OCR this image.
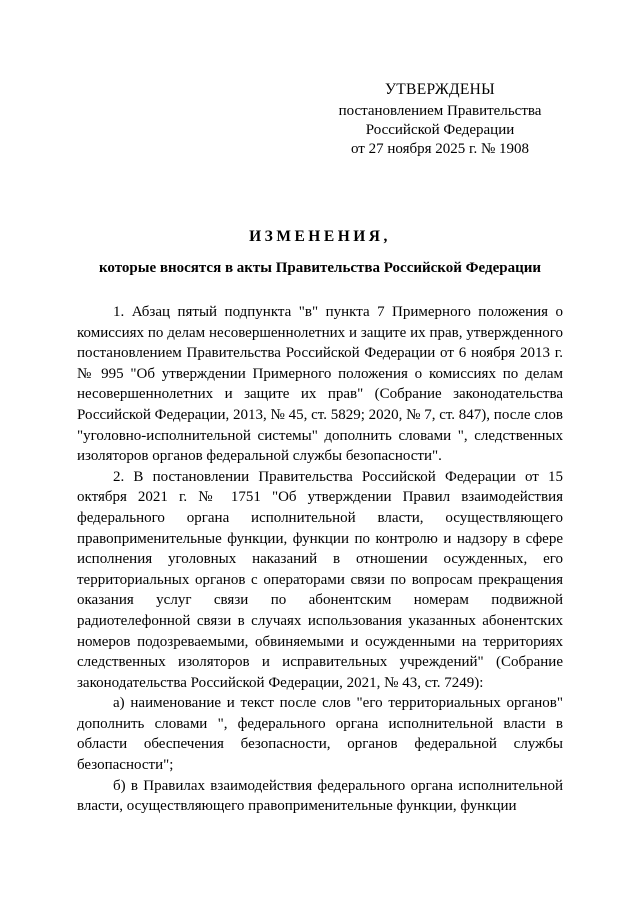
УТВЕРЖДЕНЫ
постановлением Правительства
Российской Федерации
от 27 ноября 2025 г. № 1908
ИЗМЕНЕНИЯ,
которые вносятся в акты Правительства Российской Федерации

1. Абзац пятый подпункта "в" пункта 7 Примерного положения о комиссиях по делам несовершеннолетних и защите их прав, утвержденного постановлением Правительства Российской Федерации от 6 ноября 2013 г. № 995 "Об утверждении Примерного положения о комиссиях по делам несовершеннолетних и защите их прав" (Собрание законодательства Российской Федерации, 2013, № 45, ст. 5829; 2020, № 7, ст. 847), после слов "уголовно-исполнительной системы" дополнить словами ", следственных изоляторов органов федеральной службы безопасности".

2. В постановлении Правительства Российской Федерации от 15 октября 2021 г. № 1751 "Об утверждении Правил взаимодействия федерального органа исполнительной власти, осуществляющего правоприменительные функции, функции по контролю и надзору в сфере исполнения уголовных наказаний в отношении осужденных, его территориальных органов с операторами связи по вопросам прекращения оказания услуг связи по абонентским номерам подвижной радиотелефонной связи в случаях использования указанных абонентских номеров подозреваемыми, обвиняемыми и осужденными на территориях следственных изоляторов и исправительных учреждений" (Собрание законодательства Российской Федерации, 2021, № 43, ст. 7249):

а) наименование и текст после слов "его территориальных органов" дополнить словами ", федерального органа исполнительной власти в области обеспечения безопасности, органов федеральной службы безопасности";

б) в Правилах взаимодействия федерального органа исполнительной власти, осуществляющего правоприменительные функции, функции
